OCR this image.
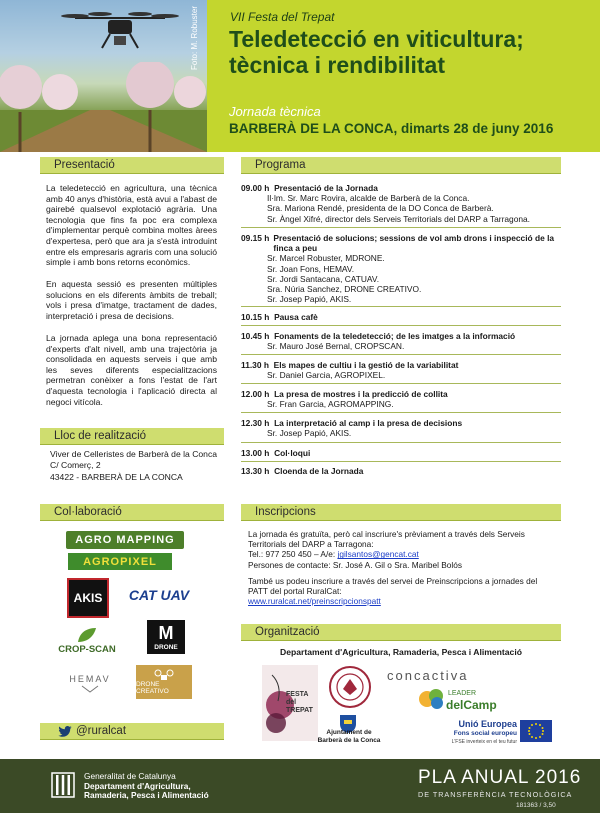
Foto: M. Robuster	VII Festa del Trepat
Teledetecció en viticultura; tècnica i rendibilitat
Jornada tècnica
BARBERÀ DE LA CONCA, dimarts 28 de juny 2016
Presentació
La teledetecció en agricultura, una tècnica amb 40 anys d'història, està avui a l'abast de gairebé qualsevol explotació agrària. Una tecnologia que fins fa poc era complexa d'implementar perquè combina moltes àrees d'expertesa, però que ara ja s'està introduint entre els empresaris agraris com una solució simple i amb bons retorns econòmics.
En aquesta sessió es presenten múltiples solucions en els diferents àmbits de treball; vols i presa d'imatge, tractament de dades, interpretació i presa de decisions.
La jornada aplega una bona representació d'experts d'alt nivell, amb una trajectòria ja consolidada en aquests serveis i que amb les seves diferents especialitzacions permetran conèixer a fons l'estat de l'art d'aquesta tecnologia i l'aplicació directa al negoci vitícola.
Lloc de realització
Viver de Celleristes de Barberà de la Conca
C/ Comerç, 2
43422 - BARBERÀ DE LA CONCA
Col·laboració
AGRO MAPPING
AGROPIXEL
AKIS	CAT UAV
CROP-SCAN
M
DRONE
HEMAV
DRONE CREATIVO
@ruralcat
Programa
09.00 h Presentació de la Jornada
Il·lm. Sr. Marc Rovira, alcalde de Barberà de la Conca.
Sra. Mariona Rendé, presidenta de la DO Conca de Barberà.
Sr. Àngel Xifré, director dels Serveis Territorials del DARP a Tarragona.
09.15 h Presentació de solucions; sessions de vol amb drons i inspecció de la finca a peu
Sr. Marcel Robuster, MDRONE.
Sr. Joan Fons, HEMAV.
Sr. Jordi Santacana, CATUAV.
Sra. Núria Sanchez, DRONE CREATIVO.
Sr. Josep Papió, AKIS.
10.15 h Pausa cafè
10.45 h Fonaments de la teledetecció; de les imatges a la informació
Sr. Mauro José Bernal, CROPSCAN.
11.30 h Els mapes de cultiu i la gestió de la variabilitat
Sr. Daniel Garcia, AGROPIXEL.
12.00 h La presa de mostres i la predicció de collita
Sr. Fran Garcia, AGROMAPPING.
12.30 h La interpretació al camp i la presa de decisions
Sr. Josep Papió, AKIS.
13.00 h Col·loqui
13.30 h Cloenda de la Jornada
Inscripcions
La jornada és gratuïta, però cal inscriure's prèviament a través dels Serveis Territorials del DARP a Tarragona:
Tel.: 977 250 450 – A/e: jgilsantos@gencat.cat
Persones de contacte: Sr. José A. Gil o Sra. Maribel Bolós
També us podeu inscriure a través del servei de Preinscripcions a jornades del PATT del portal RuralCat:
www.ruralcat.net/preinscripcionspatt
Organització
Departament d'Agricultura, Ramaderia, Pesca i Alimentació
FESTA del TREPAT
Ajuntament de Barberà de la Conca
concactiva
LEADER
delCamp
Unió Europea
Fons social europeu
L'FSE inverteix en el teu futur
Generalitat de Catalunya
Departament d'Agricultura,
Ramaderia, Pesca i Alimentació
PLA ANUAL 2016
DE TRANSFERÈNCIA TECNOLÒGICA
181363 / 3,50
